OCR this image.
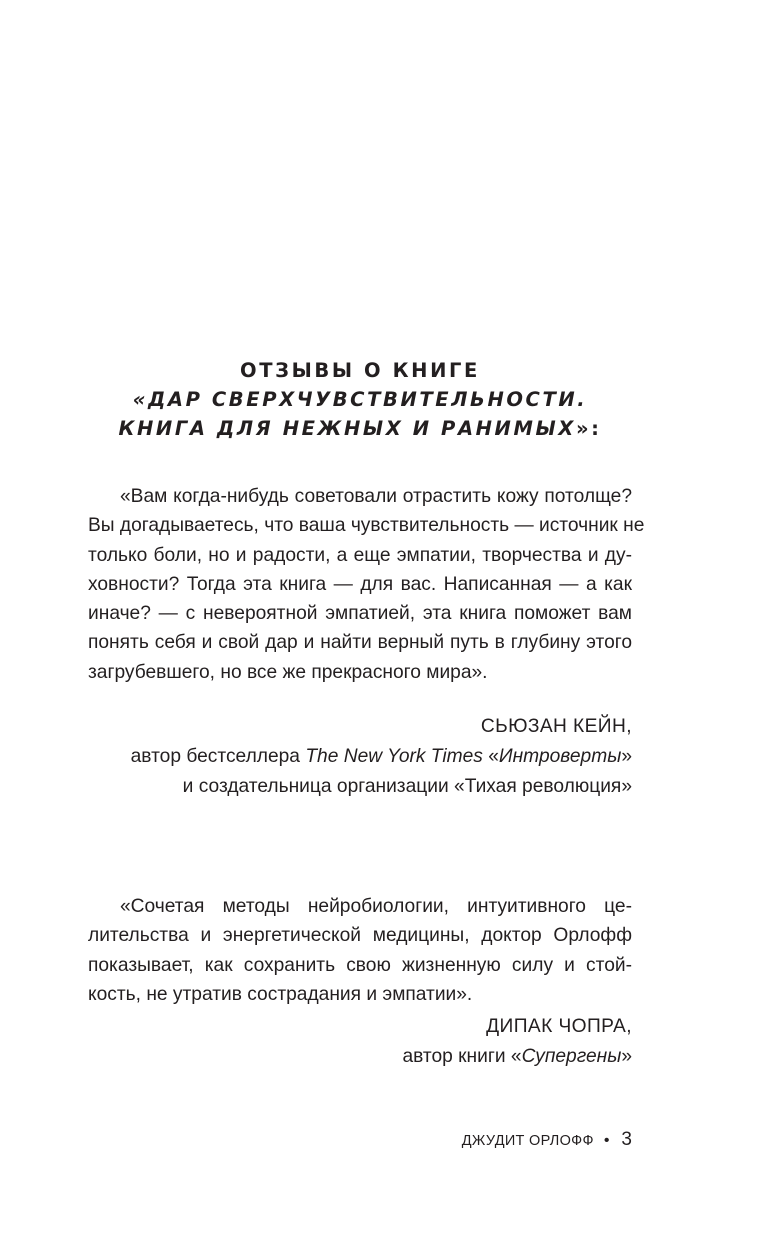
ОТЗЫВЫ О КНИГЕ
«ДАР СВЕРХЧУВСТВИТЕЛЬНОСТИ.
КНИГА ДЛЯ НЕЖНЫХ И РАНИМЫХ»:
«Вам когда-нибудь советовали отрастить кожу потолще?
Вы догадываетесь, что ваша чувствительность — источник не
только боли, но и радости, а еще эмпатии, творчества и ду-
ховности? Тогда эта книга — для вас. Написанная — а как
иначе? — с невероятной эмпатией, эта книга поможет вам
понять себя и свой дар и найти верный путь в глубину этого
загрубевшего, но все же прекрасного мира».
СЬЮЗАН КЕЙН,
автор бестселлера The New York Times «Интроверты»
и создательница организации «Тихая революция»
«Сочетая методы нейробиологии, интуитивного це-
лительства и энергетической медицины, доктор Орлофф
показывает, как сохранить свою жизненную силу и стой-
кость, не утратив сострадания и эмпатии».
ДИПАК ЧОПРА,
автор книги «Супергены»
ДЖУДИТ ОРЛОФФ • 3
